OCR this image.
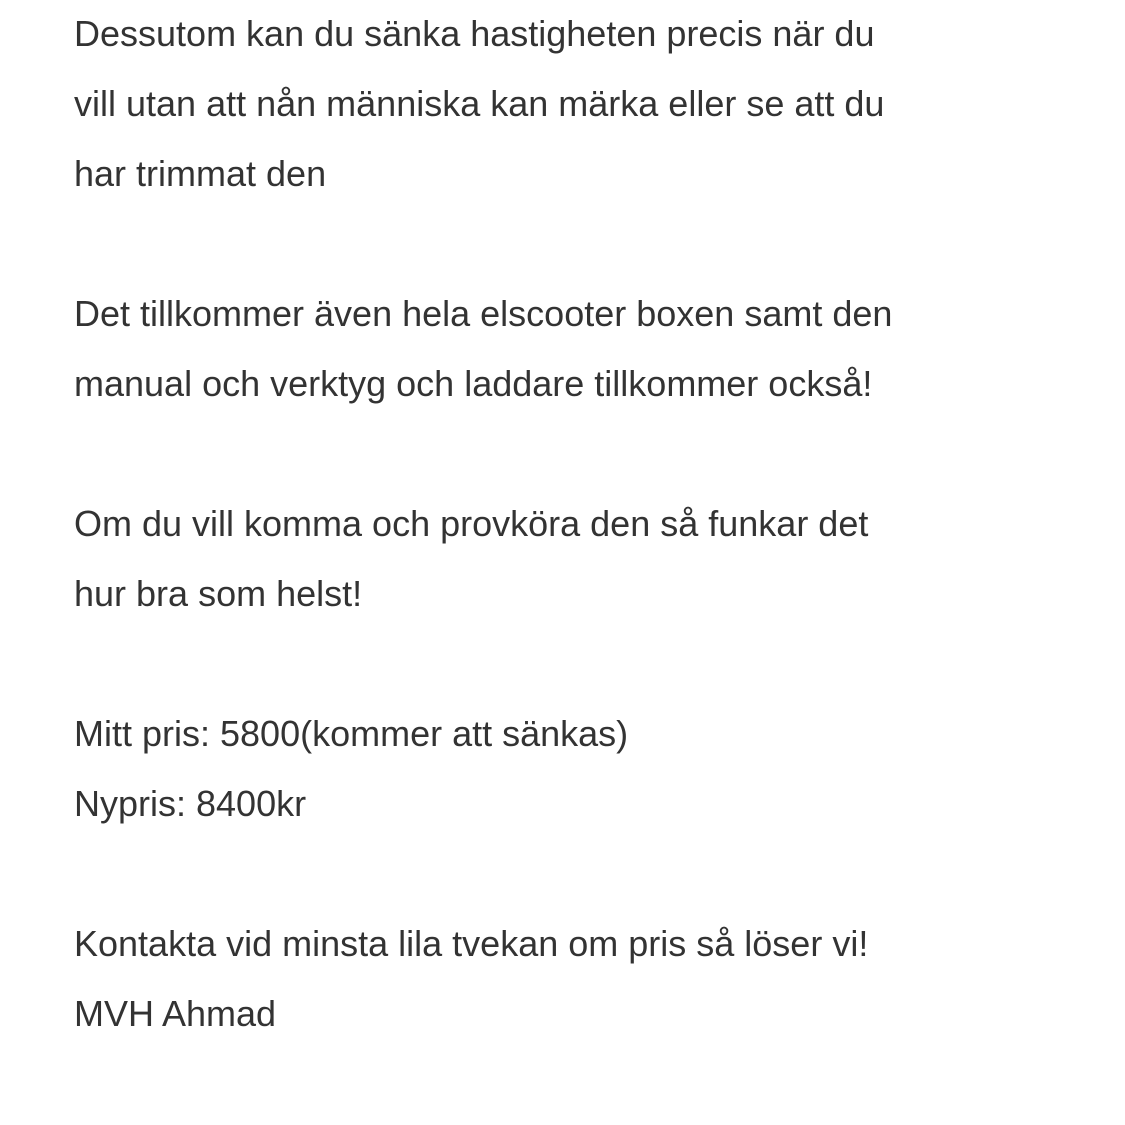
Dessutom kan du sänka hastigheten precis när du
vill utan att nån människa kan märka eller se att du
har trimmat den
Det tillkommer även hela elscooter boxen samt den
manual och verktyg och laddare tillkommer också!
Om du vill komma och provköra den så funkar det
hur bra som helst!
Mitt pris: 5800(kommer att sänkas)
Nypris: 8400kr
Kontakta vid minsta lila tvekan om pris så löser vi!
MVH Ahmad
